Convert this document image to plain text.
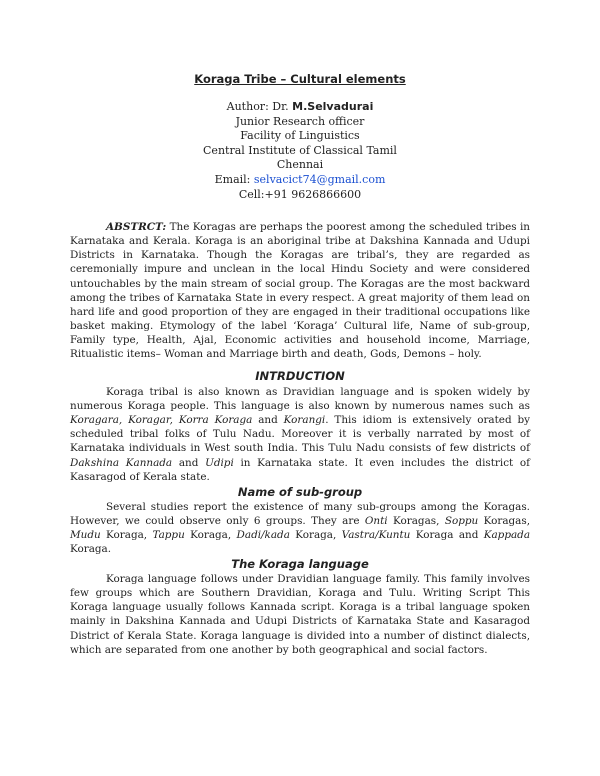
Koraga Tribe – Cultural elements
Author: Dr. M.Selvadurai
Junior Research officer
Facility of Linguistics
Central Institute of Classical Tamil
Chennai
Email: selvacict74@gmail.com
Cell:+91 9626866600

ABSTRCT: The Koragas are perhaps the poorest among the scheduled tribes in Karnataka and Kerala. Koraga is an aboriginal tribe at Dakshina Kannada and Udupi Districts in Karnataka. Though the Koragas are tribal’s, they are regarded as ceremonially impure and unclean in the local Hindu Society and were considered untouchables by the main stream of social group. The Koragas are the most backward among the tribes of Karnataka State in every respect. A great majority of them lead on hard life and good proportion of they are engaged in their traditional occupations like basket making. Etymology of the label ‘Koraga’ Cultural life, Name of sub-group, Family type, Health, Ajal, Economic activities and household income, Marriage, Ritualistic items– Woman and Marriage birth and death, Gods, Demons – holy.

INTRDUCTION

Koraga tribal is also known as Dravidian language and is spoken widely by numerous Koraga people. This language is also known by numerous names such as Koragara, Koragar, Korra Koraga and Korangi. This idiom is extensively orated by scheduled tribal folks of Tulu Nadu. Moreover it is verbally narrated by most of Karnataka individuals in West south India. This Tulu Nadu consists of few districts of Dakshina Kannada and Udipi in Karnataka state. It even includes the district of Kasaragod of Kerala state.

Name of sub-group

Several studies report the existence of many sub-groups among the Koragas. However, we could observe only 6 groups. They are Onti Koragas, Soppu Koragas, Mudu Koraga, Tappu Koraga, Dadi/kada Koraga, Vastra/Kuntu Koraga and Kappada Koraga.

The Koraga language

Koraga language follows under Dravidian language family. This family involves few groups which are Southern Dravidian, Koraga and Tulu. Writing Script This Koraga language usually follows Kannada script. Koraga is a tribal language spoken mainly in Dakshina Kannada and Udupi Districts of Karnataka State and Kasaragod District of Kerala State. Koraga language is divided into a number of distinct dialects, which are separated from one another by both geographical and social factors.
